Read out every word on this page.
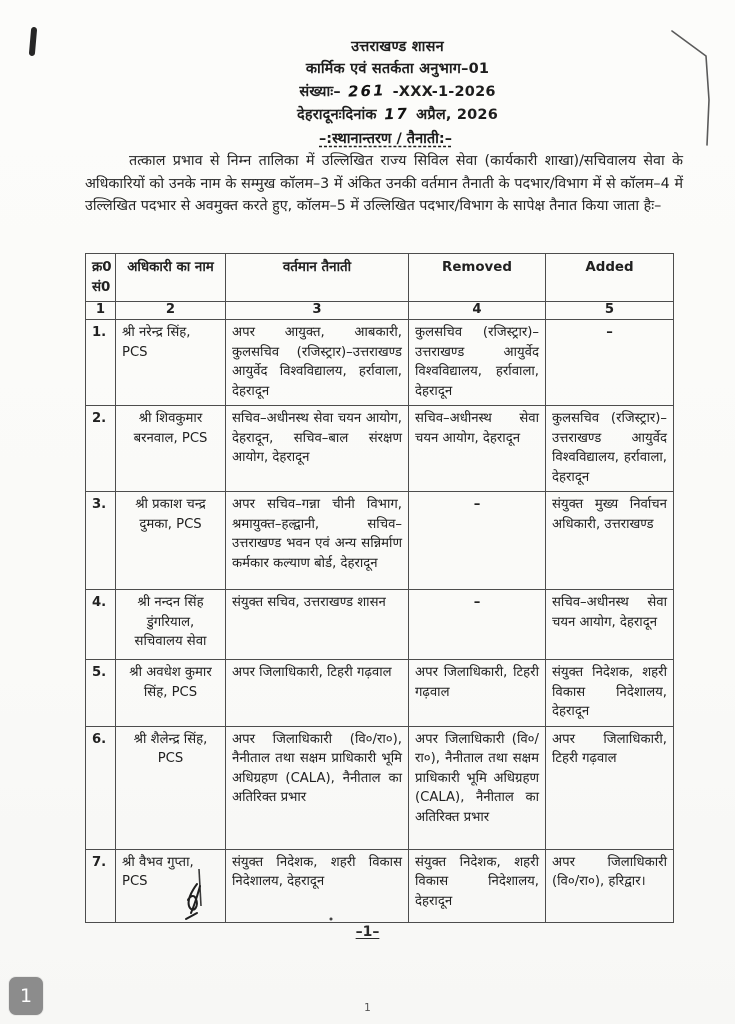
उत्तराखण्ड शासन
कार्मिक एवं सतर्कता अनुभाग–01
संख्याः– 261 -XXX-1-2026
देहरादूनःदिनांक 17 अप्रैल, 2026
–:स्थानान्तरण / तैनाती:–
तत्काल प्रभाव से निम्न तालिका में उल्लिखित राज्य सिविल सेवा (कार्यकारी शाखा)/सचिवालय सेवा के अधिकारियों को उनके नाम के सम्मुख कॉलम–3 में अंकित उनकी वर्तमान तैनाती के पदभार/विभाग में से कॉलम–4 में उल्लिखित पदभार से अवमुक्त करते हुए, कॉलम–5 में उल्लिखित पदभार/विभाग के सापेक्ष तैनात किया जाता हैः–
क्र0 सं0	अधिकारी का नाम	वर्तमान तैनाती	Removed	Added
1	2	3	4	5
1.	श्री नरेन्द्र सिंह, PCS	अपर आयुक्त, आबकारी, कुलसचिव (रजिस्ट्रार)–उत्तराखण्ड आयुर्वेद विश्वविद्यालय, हर्रावाला, देहरादून	कुलसचिव (रजिस्ट्रार)– उत्तराखण्ड आयुर्वेद विश्वविद्यालय, हर्रावाला, देहरादून	–
2.	श्री शिवकुमार बरनवाल, PCS	सचिव–अधीनस्थ सेवा चयन आयोग, देहरादून, सचिव–बाल संरक्षण आयोग, देहरादून	सचिव–अधीनस्थ सेवा चयन आयोग, देहरादून	कुलसचिव (रजिस्ट्रार)– उत्तराखण्ड आयुर्वेद विश्वविद्यालय, हर्रावाला, देहरादून
3.	श्री प्रकाश चन्द्र दुमका, PCS	अपर सचिव–गन्ना चीनी विभाग, श्रमायुक्त–हल्द्वानी, सचिव– उत्तराखण्ड भवन एवं अन्य सन्निर्माण कर्मकार कल्याण बोर्ड, देहरादून	–	संयुक्त मुख्य निर्वाचन अधिकारी, उत्तराखण्ड
4.	श्री नन्दन सिंह डुंगरियाल, सचिवालय सेवा	संयुक्त सचिव, उत्तराखण्ड शासन	–	सचिव–अधीनस्थ सेवा चयन आयोग, देहरादून
5.	श्री अवधेश कुमार सिंह, PCS	अपर जिलाधिकारी, टिहरी गढ़वाल	अपर जिलाधिकारी, टिहरी गढ़वाल	संयुक्त निदेशक, शहरी विकास निदेशालय, देहरादून
6.	श्री शैलेन्द्र सिंह, PCS	अपर जिलाधिकारी (वि०/रा०), नैनीताल तथा सक्षम प्राधिकारी भूमि अधिग्रहण (CALA), नैनीताल का अतिरिक्त प्रभार	अपर जिलाधिकारी (वि०/रा०), नैनीताल तथा सक्षम प्राधिकारी भूमि अधिग्रहण (CALA), नैनीताल का अतिरिक्त प्रभार	अपर जिलाधिकारी, टिहरी गढ़वाल
7.	श्री वैभव गुप्ता, PCS	संयुक्त निदेशक, शहरी विकास निदेशालय, देहरादून	संयुक्त निदेशक, शहरी विकास निदेशालय, देहरादून	अपर जिलाधिकारी (वि०/रा०), हरिद्वार।
–1–
1
1
